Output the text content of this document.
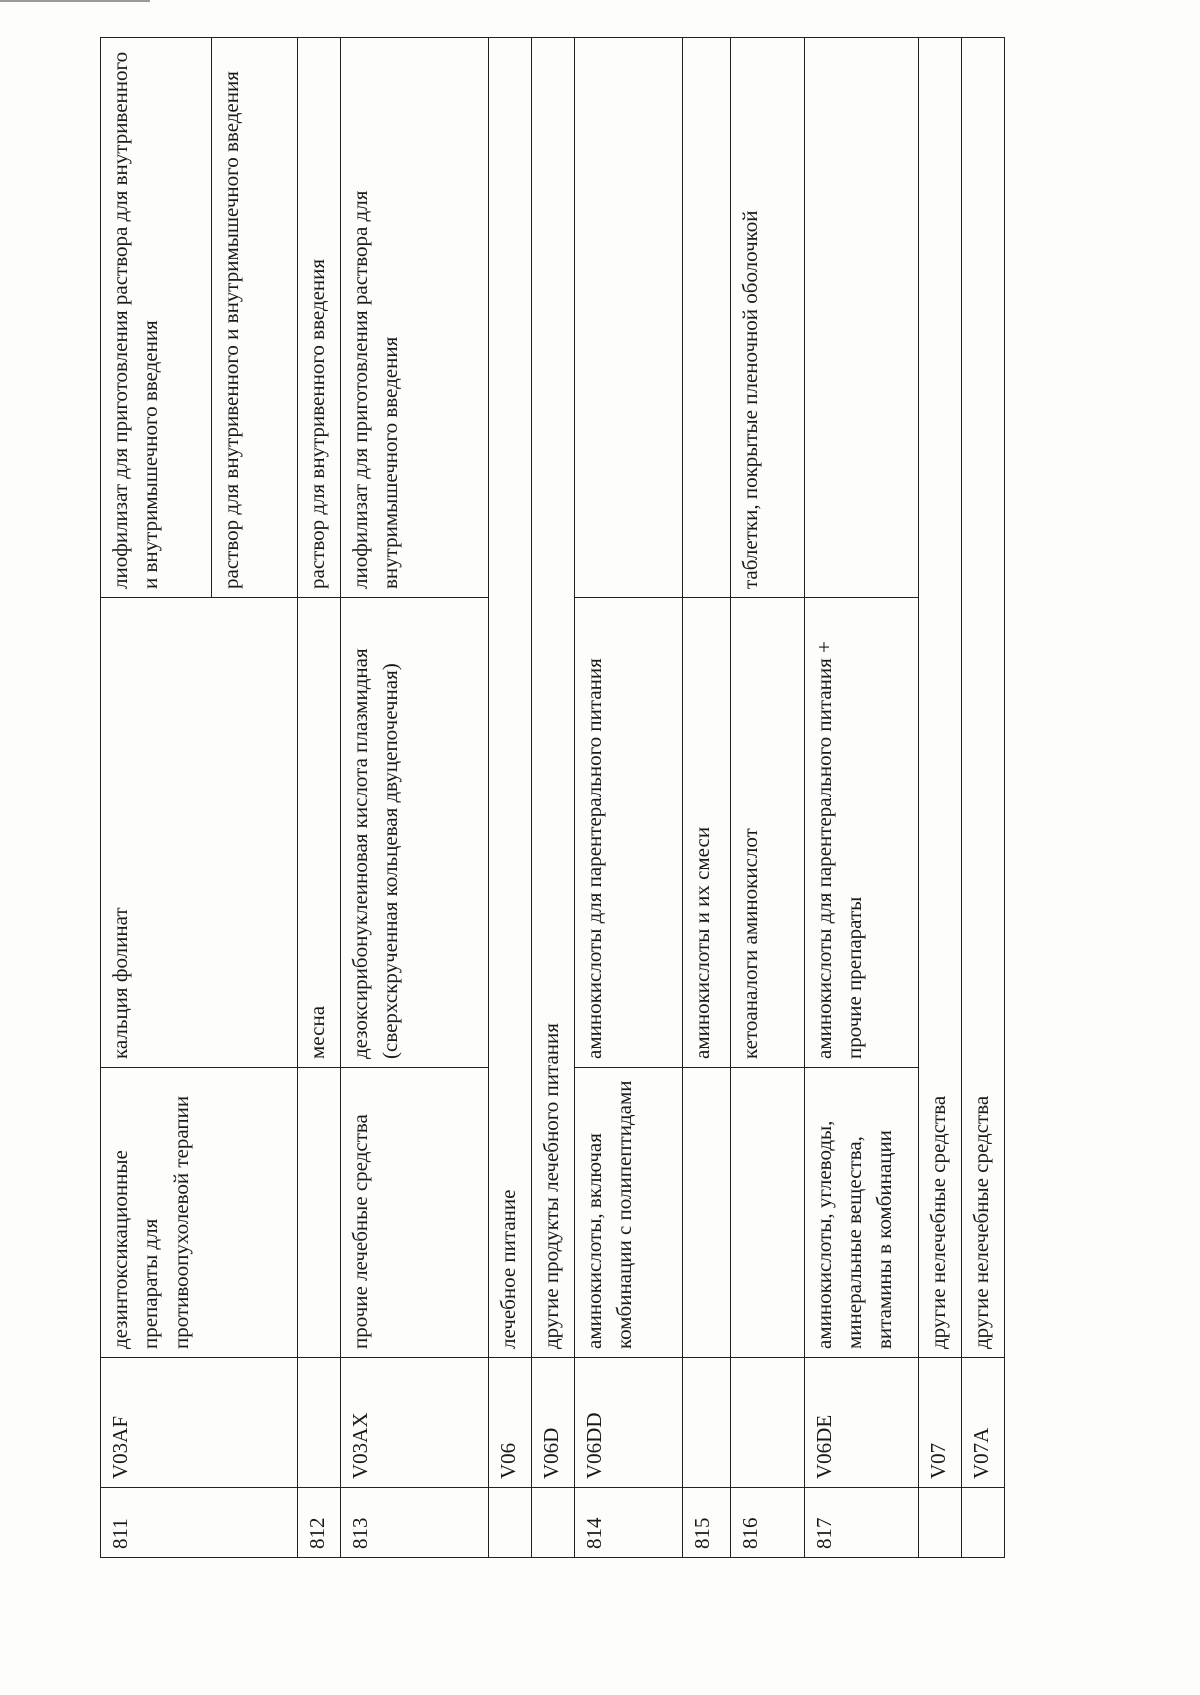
811	V03AF	дезинтоксикационные препараты для противоопухолевой терапии	кальция фолинат	лиофилизат для приготовления раствора для внутривенного и внутримышечного введения
				раствор для внутривенного и внутримышечного введения
812			месна	раствор для внутривенного введения
813	V03AX	прочие лечебные средства	дезоксирибонуклеиновая кислота плазмидная (сверхскрученная кольцевая двуцепочечная)	лиофилизат для приготовления раствора для внутримышечного введения
	V06	лечебное питание		
	V06D	другие продукты лечебного питания		
814	V06DD	аминокислоты, включая комбинации с полипептидами	аминокислоты для парентерального питания	
815			аминокислоты и их смеси	
816			кетоаналоги аминокислот	таблетки, покрытые пленочной оболочкой
817	V06DE	аминокислоты, углеводы, минеральные вещества, витамины в комбинации	аминокислоты для парентерального питания + прочие препараты	
	V07	другие нелечебные средства		
	V07A	другие нелечебные средства		
